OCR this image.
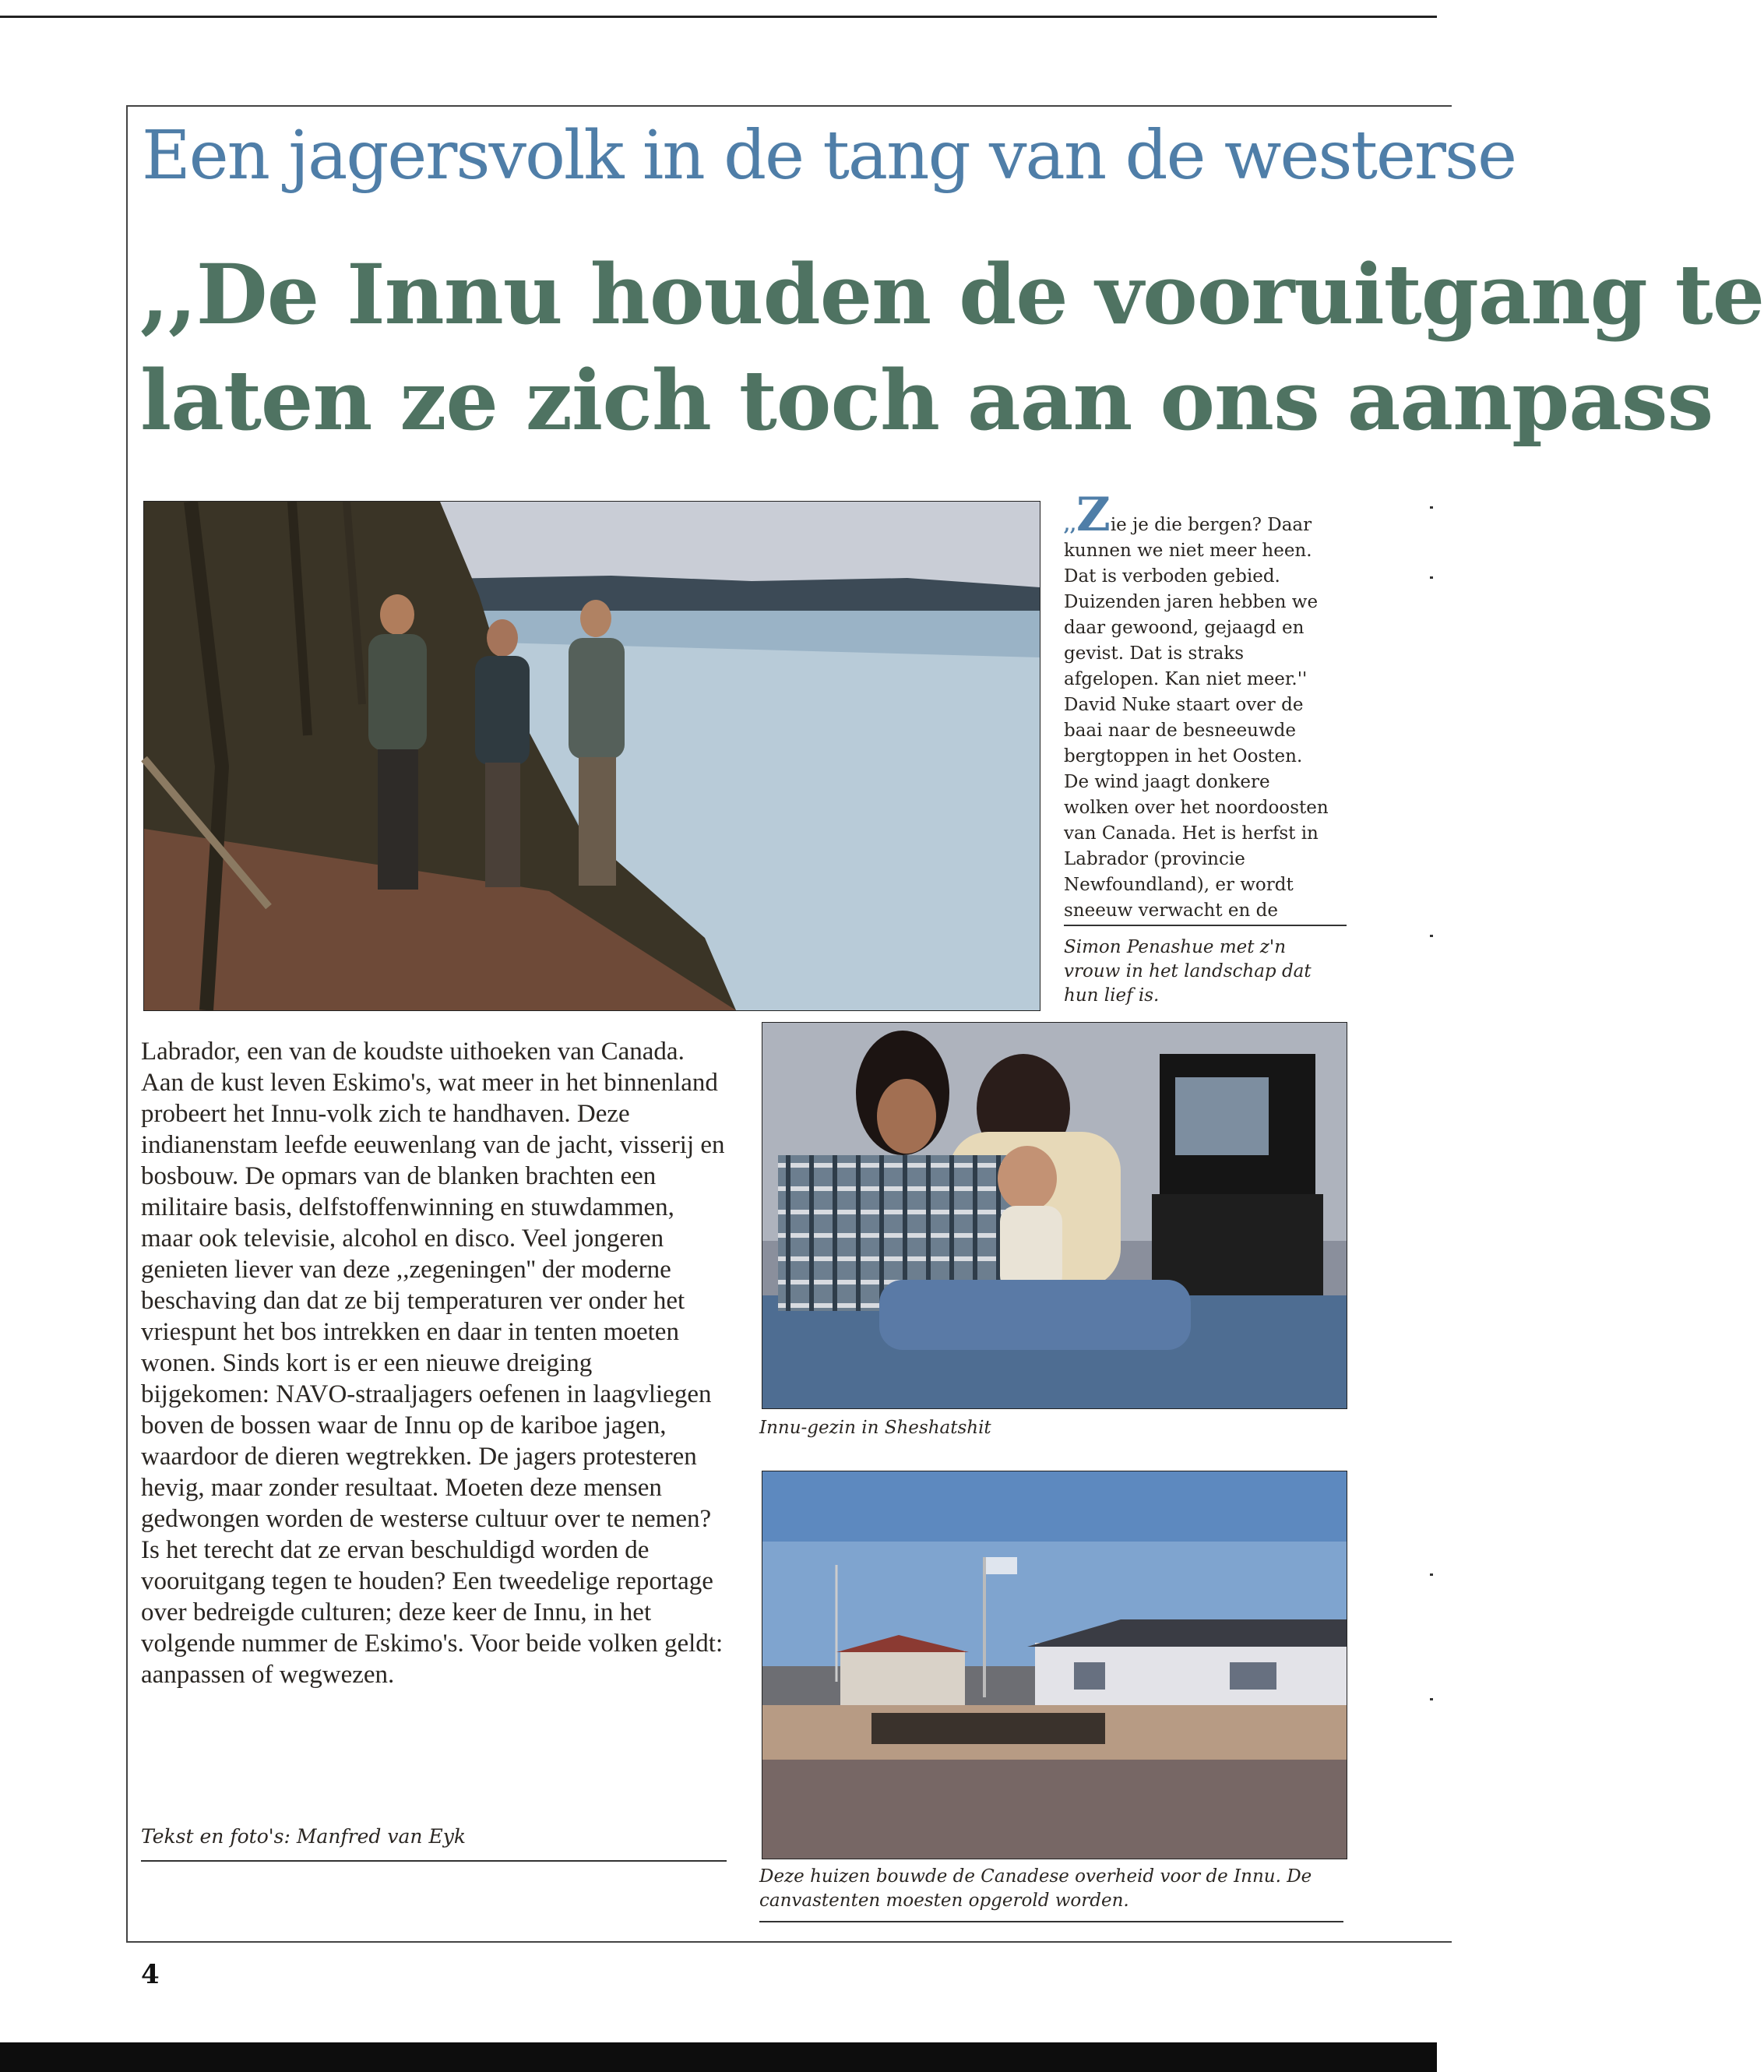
Een jagersvolk in de tang van de westerse
,,De Innu houden de vooruitgang te
laten ze zich toch aan ons aanpass
,,Zie je die bergen? Daar kunnen we niet meer heen. Dat is verboden gebied. Duizenden jaren hebben we daar gewoond, gejaagd en gevist. Dat is straks afgelopen. Kan niet meer.'' David Nuke staart over de baai naar de besneeuwde bergtoppen in het Oosten. De wind jaagt donkere wolken over het noordoosten van Canada. Het is herfst in Labrador (provincie Newfoundland), er wordt sneeuw verwacht en de
Simon Penashue met z'n vrouw in het landschap dat hun lief is.
Innu-gezin in Sheshatshit
Labrador, een van de koudste uithoeken van Canada. Aan de kust leven Eskimo's, wat meer in het binnenland probeert het Innu-volk zich te handhaven. Deze indianenstam leefde eeuwenlang van de jacht, visserij en bosbouw. De opmars van de blanken brachten een militaire basis, delfstoffenwinning en stuwdammen, maar ook televisie, alcohol en disco. Veel jongeren genieten liever van deze ,,zegeningen'' der moderne beschaving dan dat ze bij temperaturen ver onder het vriespunt het bos intrekken en daar in tenten moeten wonen. Sinds kort is er een nieuwe dreiging bijgekomen: NAVO-straaljagers oefenen in laagvliegen boven de bossen waar de Innu op de kariboe jagen, waardoor de dieren wegtrekken. De jagers protesteren hevig, maar zonder resultaat. Moeten deze mensen gedwongen worden de westerse cultuur over te nemen? Is het terecht dat ze ervan beschuldigd worden de vooruitgang tegen te houden? Een tweedelige reportage over bedreigde culturen; deze keer de Innu, in het volgende nummer de Eskimo's. Voor beide volken geldt: aanpassen of wegwezen.
Deze huizen bouwde de Canadese overheid voor de Innu. De canvastenten moesten opgerold worden.
Tekst en foto's: Manfred van Eyk
4
